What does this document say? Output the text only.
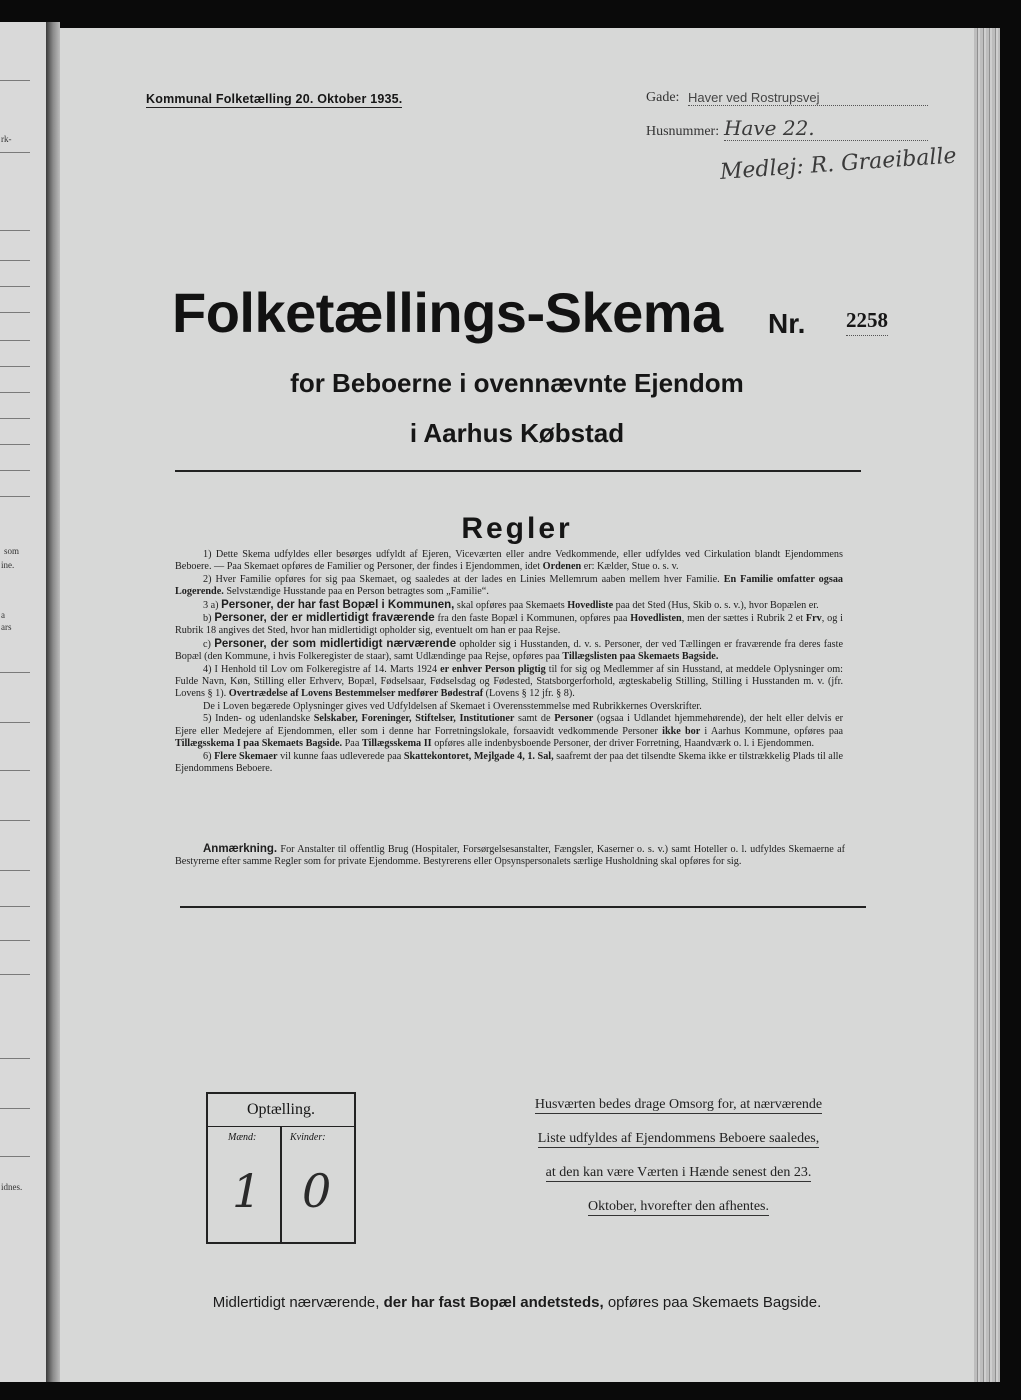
rk-
som
ine.
a
ars
idnes.
Kommunal Folketælling 20. Oktober 1935.	Gade: Haver ved Rostrupsvej
Husnummer: Have 22.
Medlej: R. Graeiballe
Folketællings-Skema Nr. 2258
for Beboerne i ovennævnte Ejendom
i Aarhus Købstad
Regler

1) Dette Skema udfyldes eller besørges udfyldt af Ejeren, Viceværten eller andre Vedkommende, eller udfyldes ved Cirkulation blandt Ejendommens Beboere. — Paa Skemaet opføres de Familier og Personer, der findes i Ejendommen, idet Ordenen er: Kælder, Stue o. s. v.

2) Hver Familie opføres for sig paa Skemaet, og saaledes at der lades en Linies Mellemrum aaben mellem hver Familie. En Familie omfatter ogsaa Logerende. Selvstændige Husstande paa en Person betragtes som „Familie“.

3 a) Personer, der har fast Bopæl i Kommunen, skal opføres paa Skemaets Hovedliste paa det Sted (Hus, Skib o. s. v.), hvor Bopælen er.

b) Personer, der er midlertidigt fraværende fra den faste Bopæl i Kommunen, opføres paa Hovedlisten, men der sættes i Rubrik 2 et Frv, og i Rubrik 18 angives det Sted, hvor han midlertidigt opholder sig, eventuelt om han er paa Rejse.

c) Personer, der som midlertidigt nærværende opholder sig i Husstanden, d. v. s. Personer, der ved Tællingen er fraværende fra deres faste Bopæl (den Kommune, i hvis Folkeregister de staar), samt Udlændinge paa Rejse, opføres paa Tillægslisten paa Skemaets Bagside.

4) I Henhold til Lov om Folkeregistre af 14. Marts 1924 er enhver Person pligtig til for sig og Medlemmer af sin Husstand, at meddele Oplysninger om: Fulde Navn, Køn, Stilling eller Erhverv, Bopæl, Fødselsaar, Fødselsdag og Fødested, Statsborgerforhold, ægteskabelig Stilling, Stilling i Husstanden m. v. (jfr. Lovens § 1). Overtrædelse af Lovens Bestemmelser medfører Bødestraf (Lovens § 12 jfr. § 8).

De i Loven begærede Oplysninger gives ved Udfyldelsen af Skemaet i Overensstemmelse med Rubrikkernes Overskrifter.

5) Inden- og udenlandske Selskaber, Foreninger, Stiftelser, Institutioner samt de Personer (ogsaa i Udlandet hjemmehørende), der helt eller delvis er Ejere eller Medejere af Ejendommen, eller som i denne har Forretningslokale, forsaavidt vedkommende Personer ikke bor i Aarhus Kommune, opføres paa Tillægsskema I paa Skemaets Bagside. Paa Tillægsskema II opføres alle indenbysboende Personer, der driver Forretning, Haandværk o. l. i Ejendommen.

6) Flere Skemaer vil kunne faas udleverede paa Skattekontoret, Mejlgade 4, 1. Sal, saafremt der paa det tilsendte Skema ikke er tilstrækkelig Plads til alle Ejendommens Beboere.

Anmærkning. For Anstalter til offentlig Brug (Hospitaler, Forsørgelsesanstalter, Fængsler, Kaserner o. s. v.) samt Hoteller o. l. udfyldes Skemaerne af Bestyrerne efter samme Regler som for private Ejendomme. Bestyrerens eller Opsynspersonalets særlige Husholdning skal opføres for sig.

Optælling.
Mænd:	Kvinder:
1 0
Husværten bedes drage Omsorg for, at nærværende
Liste udfyldes af Ejendommens Beboere saaledes,
at den kan være Værten i Hænde senest den 23.
Oktober, hvorefter den afhentes.
Midlertidigt nærværende, der har fast Bopæl andetsteds, opføres paa Skemaets Bagside.
